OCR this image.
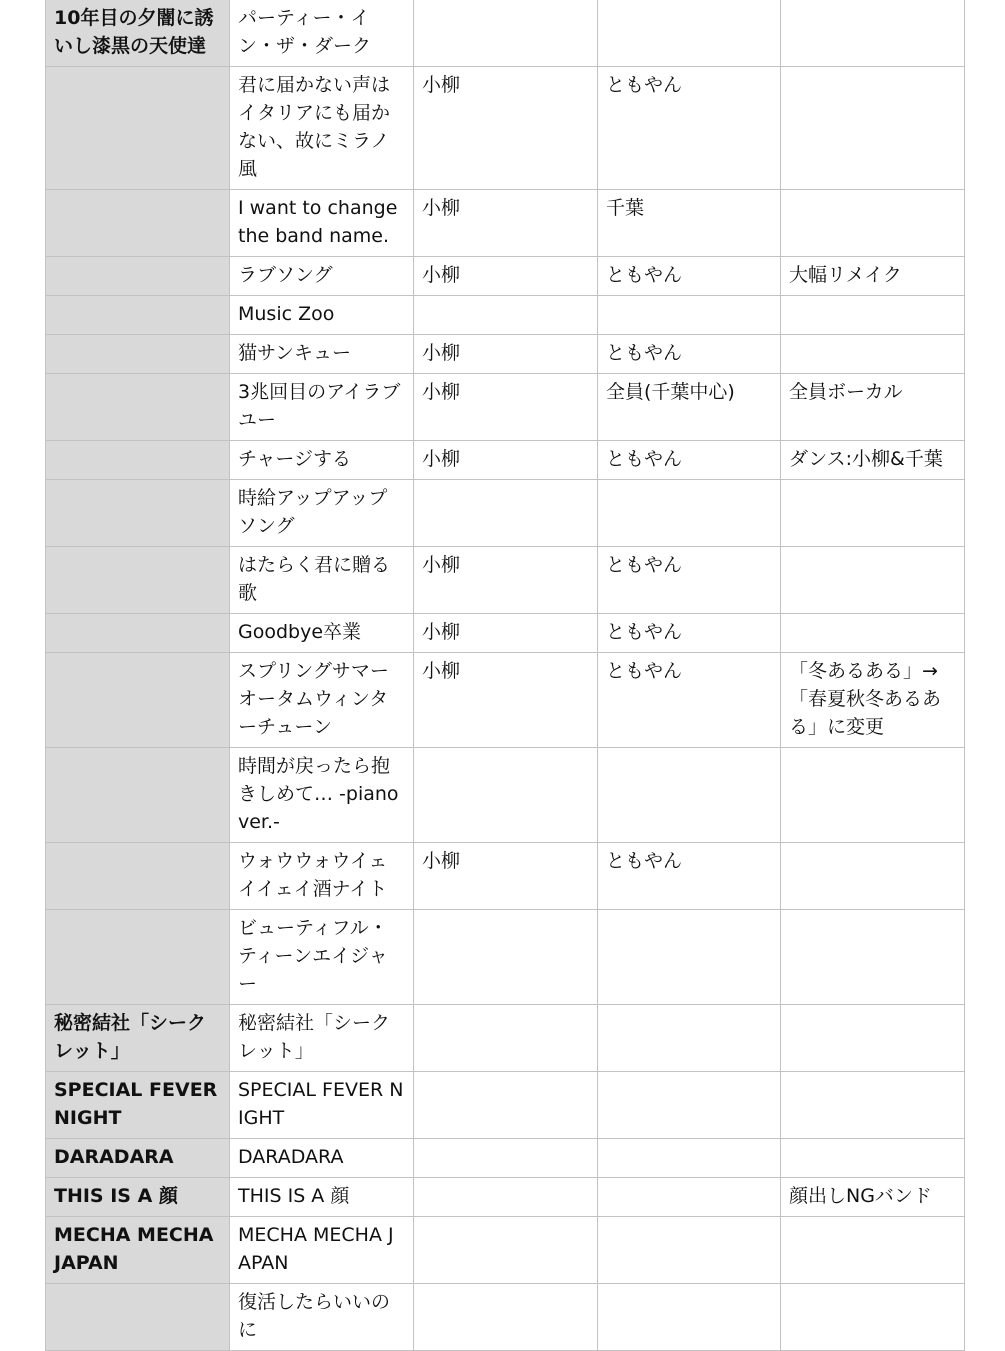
10年目の夕闇に誘いし漆黒の天使達	パーティー・イン・ザ・ダーク			
	君に届かない声はイタリアにも届かない、故にミラノ風	小柳	ともやん	
	I want to change the band name.	小柳	千葉	
	ラブソング	小柳	ともやん	大幅リメイク
	Music Zoo			
	猫サンキュー	小柳	ともやん	
	3兆回目のアイラブユー	小柳	全員(千葉中心)	全員ボーカル
	チャージする	小柳	ともやん	ダンス:小柳&千葉
	時給アップアップソング			
	はたらく君に贈る歌	小柳	ともやん	
	Goodbye卒業	小柳	ともやん	
	スプリングサマーオータムウィンターチューン	小柳	ともやん	「冬あるある」→「春夏秋冬あるある」に変更
	時間が戻ったら抱きしめて… -piano ver.-			
	ウォウウォウイェイイェイ酒ナイト	小柳	ともやん	
	ビューティフル・ティーンエイジャー			
秘密結社「シークレット」	秘密結社「シークレット」			
SPECIAL FEVER NIGHT	SPECIAL FEVER NIGHT			
DARADARA	DARADARA			
THIS IS A 顔	THIS IS A 顔			顔出しNGバンド
MECHA MECHA JAPAN	MECHA MECHA JAPAN			
	復活したらいいのに			
